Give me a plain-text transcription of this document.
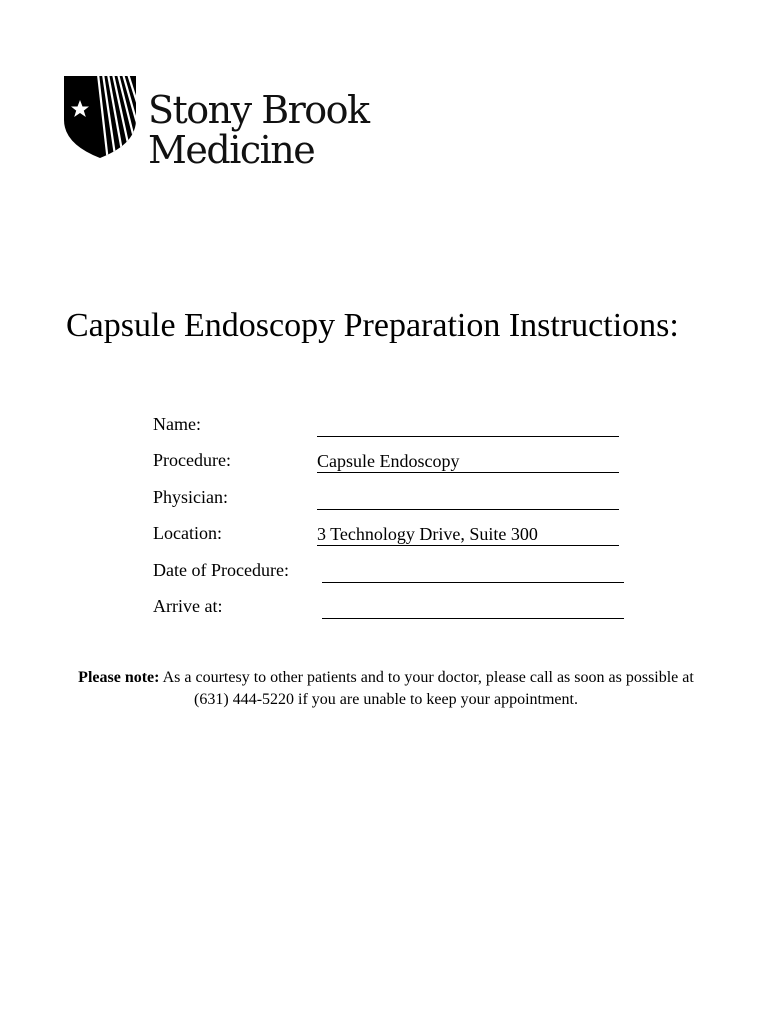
Stony Brook
Medicine
Capsule Endoscopy Preparation Instructions:
Name:
Procedure:	Capsule Endoscopy
Physician:
Location:	3 Technology Drive, Suite 300
Date of Procedure:
Arrive at:
Please note: As a courtesy to other patients and to your doctor, please call as soon as possible at (631) 444-5220 if you are unable to keep your appointment.
